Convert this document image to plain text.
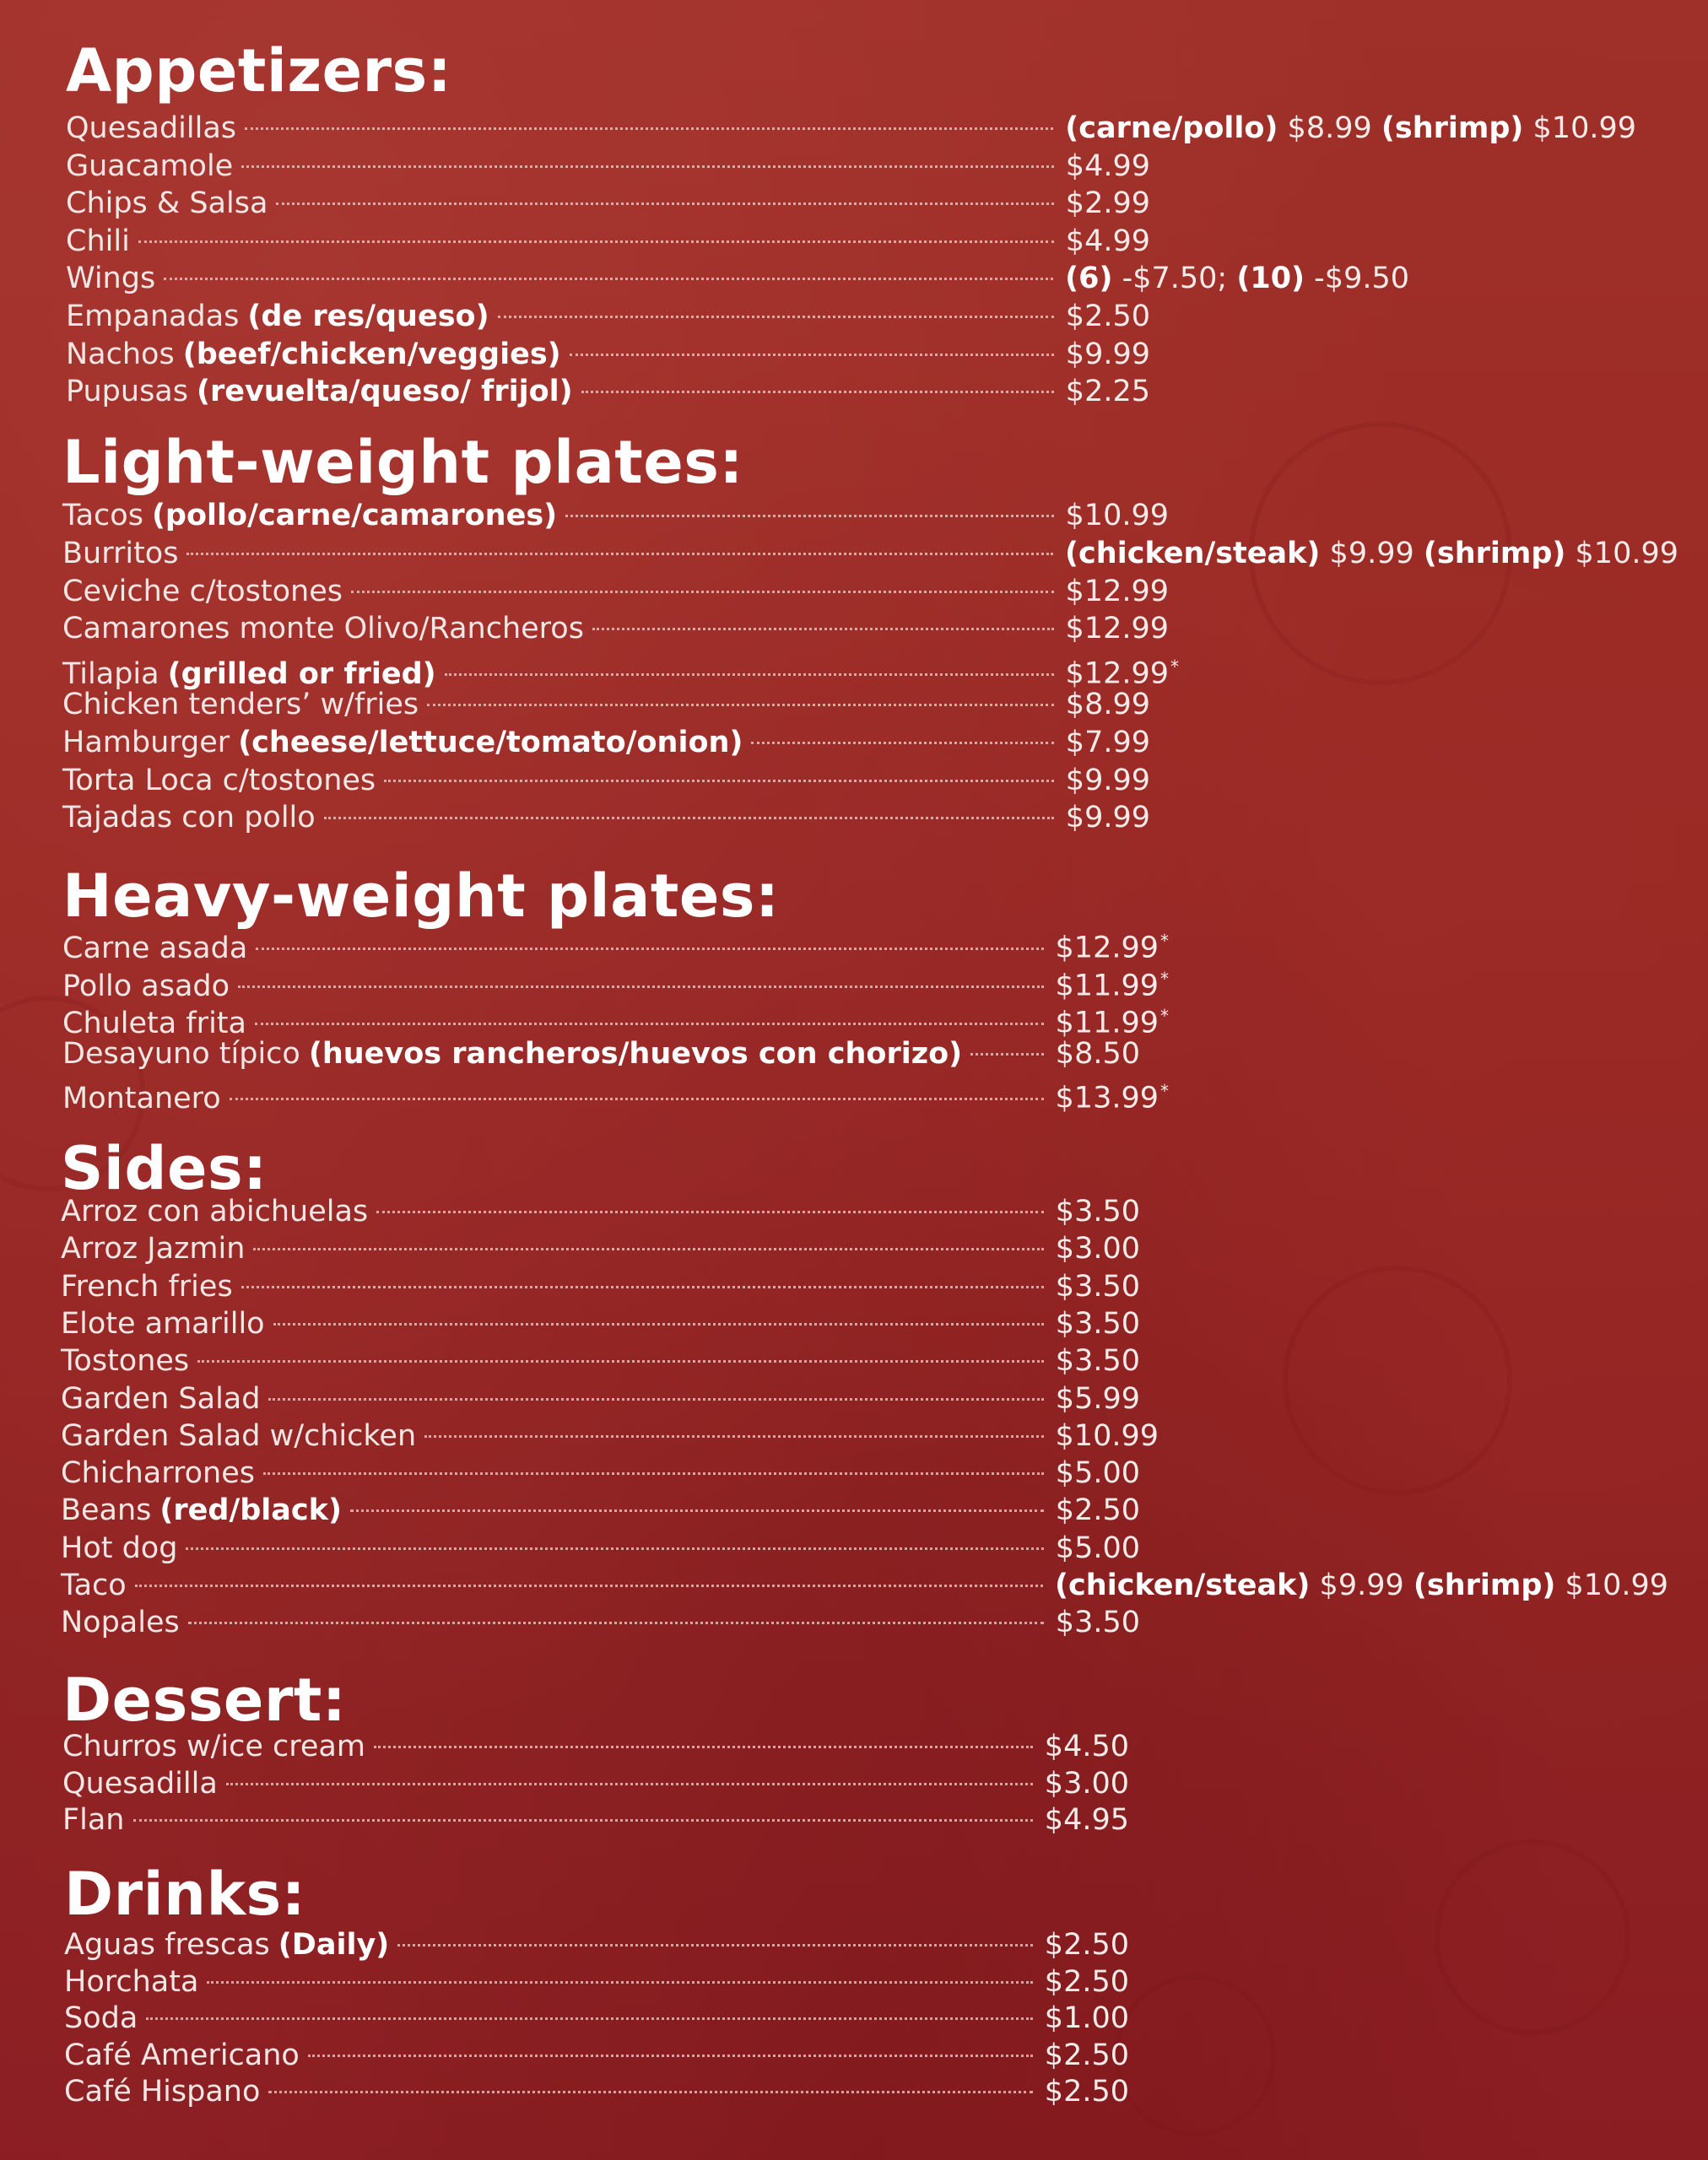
Appetizers:
Quesadillas	(carne/pollo) $8.99 (shrimp) $10.99
Guacamole	$4.99
Chips & Salsa	$2.99
Chili	$4.99
Wings	(6) -$7.50; (10) -$9.50
Empanadas (de res/queso)	$2.50
Nachos (beef/chicken/veggies)	$9.99
Pupusas (revuelta/queso/ frijol)	$2.25
Light-weight plates:
Tacos (pollo/carne/camarones)	$10.99
Burritos	(chicken/steak) $9.99 (shrimp) $10.99
Ceviche c/tostones	$12.99
Camarones monte Olivo/Rancheros	$12.99
Tilapia (grilled or fried)	$12.99 *
Chicken tenders’ w/fries	$8.99
Hamburger (cheese/lettuce/tomato/onion)	$7.99
Torta Loca c/tostones	$9.99
Tajadas con pollo	$9.99
Heavy-weight plates:
Carne asada	$12.99 *
Pollo asado	$11.99 *
Chuleta frita	$11.99 *
Desayuno típico (huevos rancheros/huevos con chorizo)	$8.50
Montanero	$13.99 *
Sides:
Arroz con abichuelas	$3.50
Arroz Jazmin	$3.00
French fries	$3.50
Elote amarillo	$3.50
Tostones	$3.50
Garden Salad	$5.99
Garden Salad w/chicken	$10.99
Chicharrones	$5.00
Beans (red/black)	$2.50
Hot dog	$5.00
Taco	(chicken/steak) $9.99 (shrimp) $10.99
Nopales	$3.50
Dessert:
Churros w/ice cream	$4.50
Quesadilla	$3.00
Flan	$4.95
Drinks:
Aguas frescas (Daily)	$2.50
Horchata	$2.50
Soda	$1.00
Café Americano	$2.50
Café Hispano	$2.50
